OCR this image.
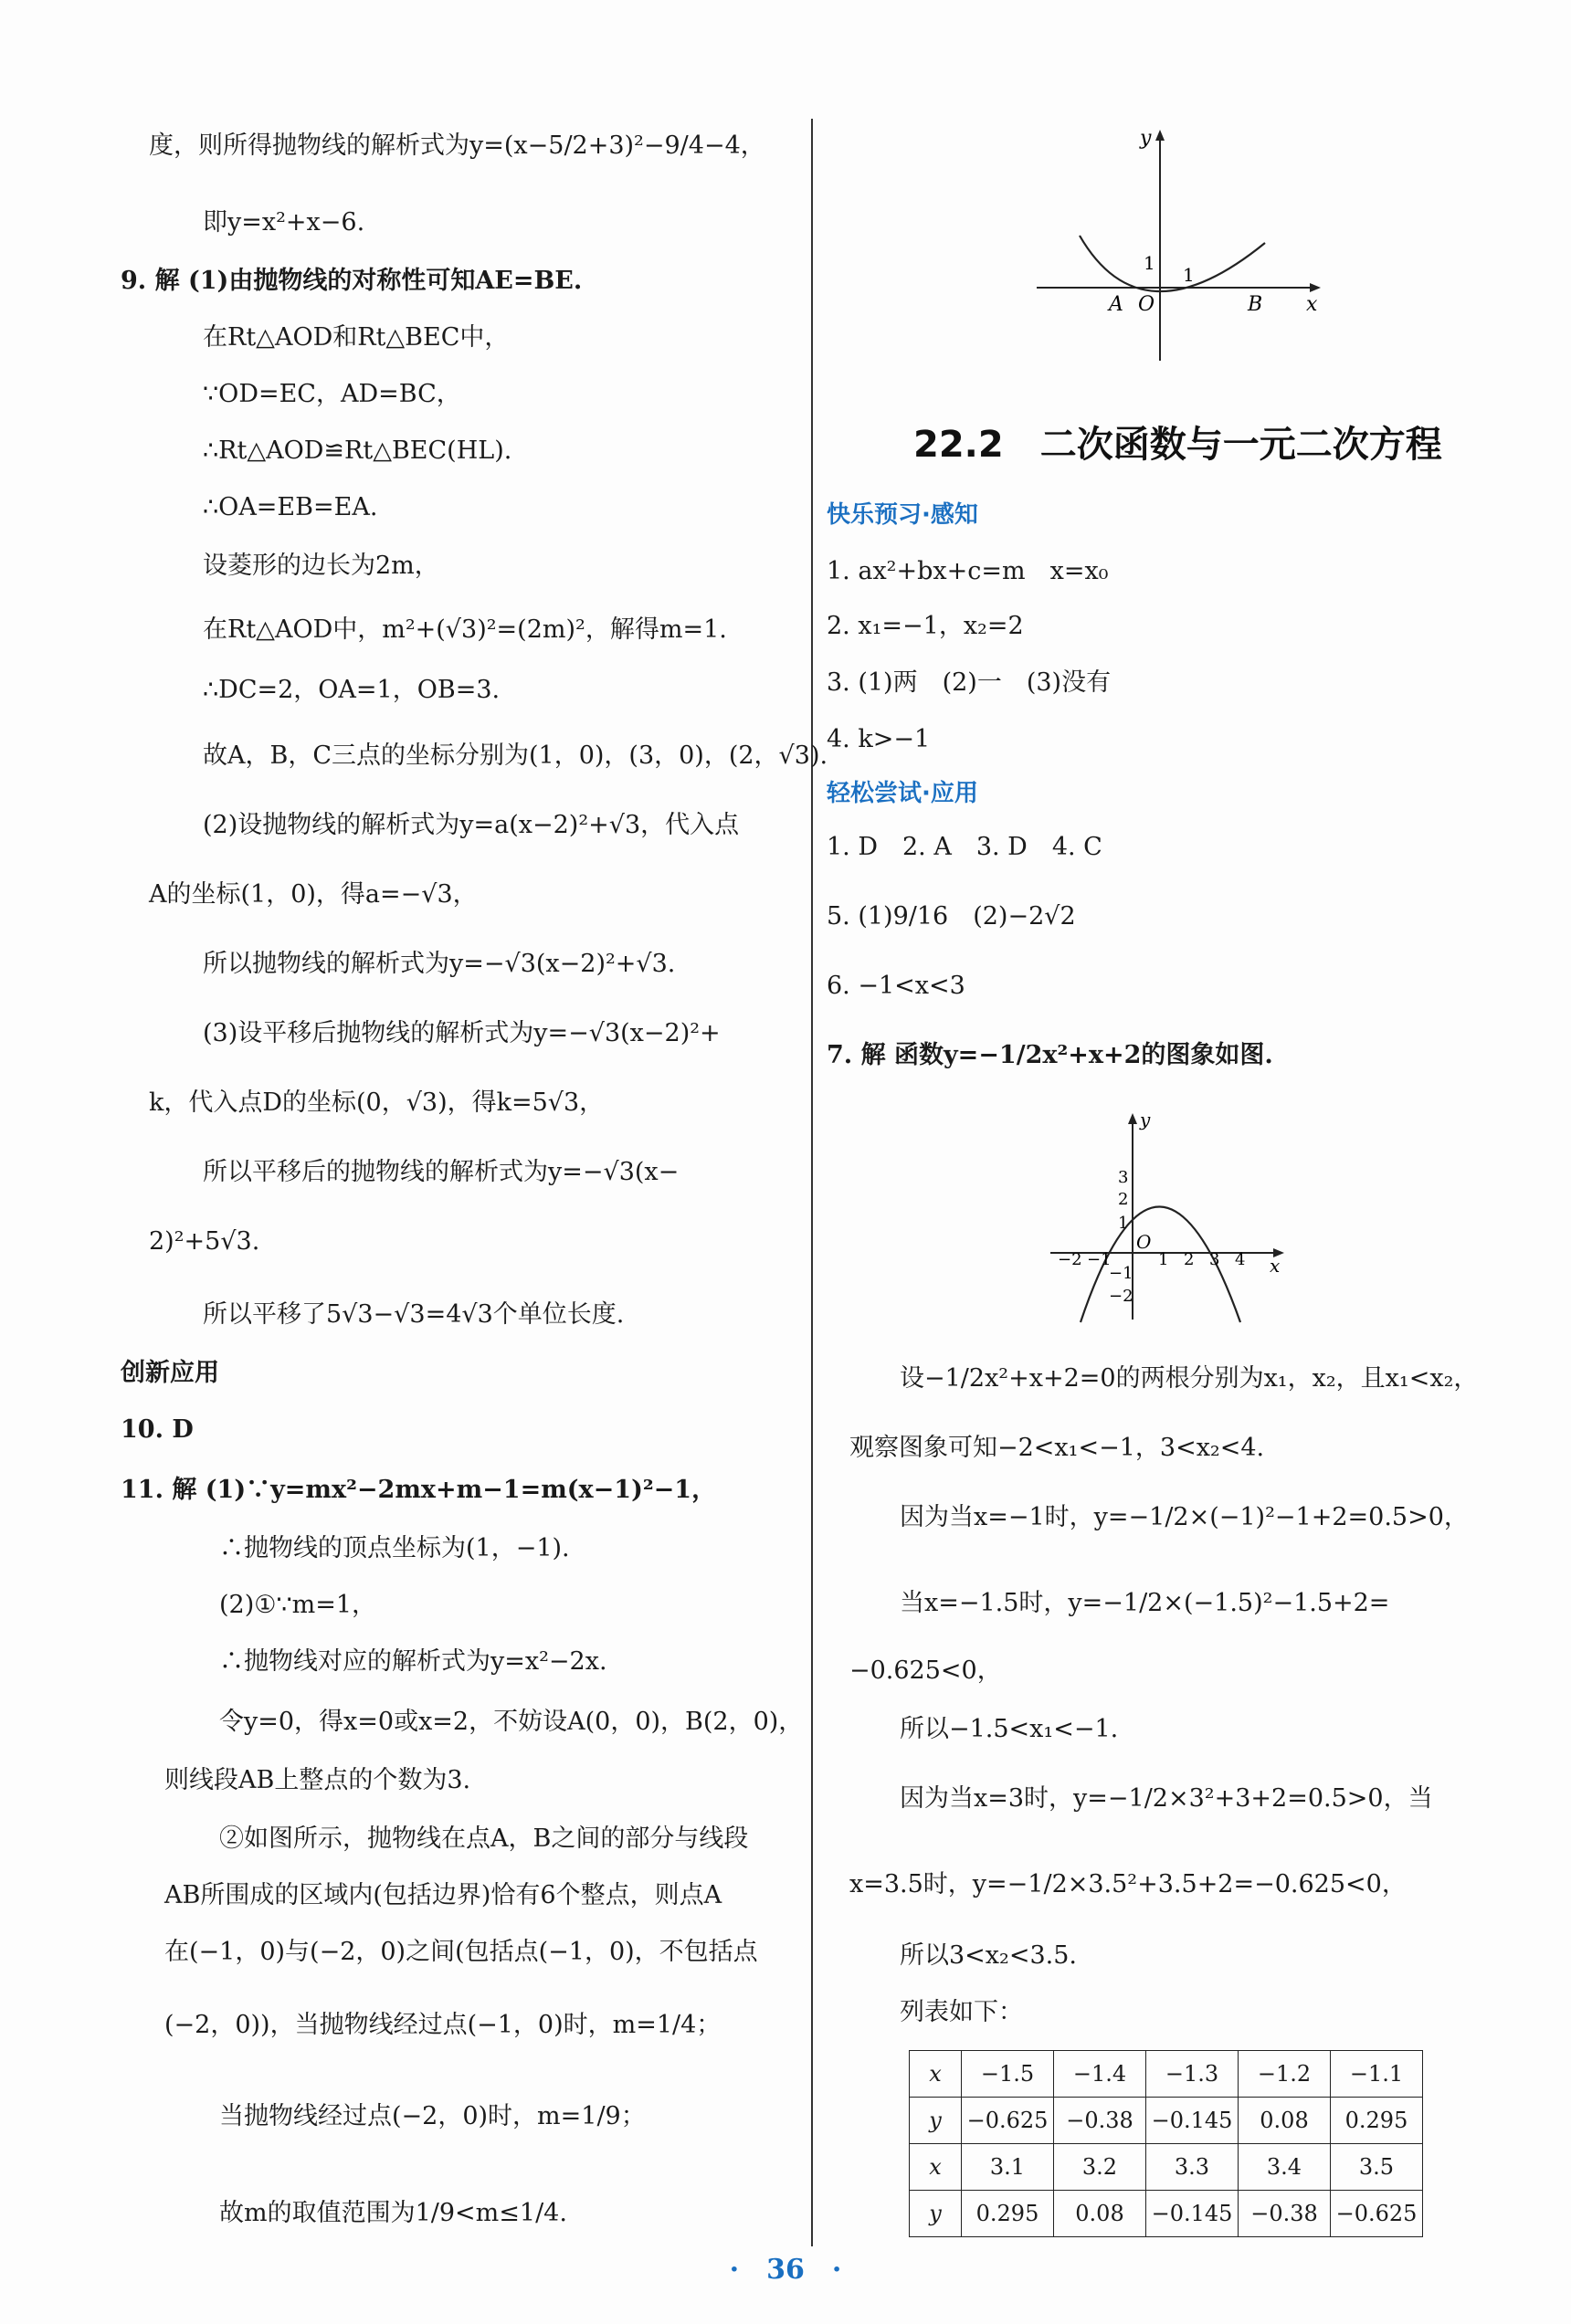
度，则所得抛物线的解析式为y=(x−5/2+3)²−9/4−4，
即y=x²+x−6.
9. 解 (1)由抛物线的对称性可知AE=BE.
在Rt△AOD和Rt△BEC中，
∵OD=EC，AD=BC，
∴Rt△AOD≌Rt△BEC(HL).
∴OA=EB=EA.
设菱形的边长为2m，
在Rt△AOD中，m²+(√3)²=(2m)²，解得m=1.
∴DC=2，OA=1，OB=3.
故A，B，C三点的坐标分别为(1，0)，(3，0)，(2，√3).
(2)设抛物线的解析式为y=a(x−2)²+√3，代入点
A的坐标(1，0)，得a=−√3，
所以抛物线的解析式为y=−√3(x−2)²+√3.
(3)设平移后抛物线的解析式为y=−√3(x−2)²+
k，代入点D的坐标(0，√3)，得k=5√3，
所以平移后的抛物线的解析式为y=−√3(x−
2)²+5√3.
所以平移了5√3−√3=4√3个单位长度.
创新应用
10. D
11. 解 (1)∵y=mx²−2mx+m−1=m(x−1)²−1，
∴抛物线的顶点坐标为(1，−1).
(2)①∵m=1，
∴抛物线对应的解析式为y=x²−2x.
令y=0，得x=0或x=2，不妨设A(0，0)，B(2，0)，
则线段AB上整点的个数为3.
②如图所示，抛物线在点A，B之间的部分与线段
AB所围成的区域内(包括边界)恰有6个整点，则点A
在(−1，0)与(−2，0)之间(包括点(−1，0)，不包括点
(−2，0))，当抛物线经过点(−1，0)时，m=1/4；
当抛物线经过点(−2，0)时，m=1/9；
故m的取值范围为1/9<m≤1/4.
y
x
1
1
A O	B
22.2　二次函数与一元二次方程
快乐预习·感知
1. ax²+bx+c=m　x=x₀
2. x₁=−1，x₂=2
3. (1)两　(2)一　(3)没有
4. k>−1
轻松尝试·应用
1. D　2. A　3. D　4. C
5. (1)9/16　(2)−2√2
6. −1<x<3
7. 解 函数y=−1/2x²+x+2的图象如图.
y
x
O
3
2
1
−1
−2
−2 −1	1 2 3 4
设−1/2x²+x+2=0的两根分别为x₁，x₂，且x₁<x₂，
观察图象可知−2<x₁<−1，3<x₂<4.
因为当x=−1时，y=−1/2×(−1)²−1+2=0.5>0，
当x=−1.5时，y=−1/2×(−1.5)²−1.5+2=
−0.625<0，
所以−1.5<x₁<−1.
因为当x=3时，y=−1/2×3²+3+2=0.5>0，当
x=3.5时，y=−1/2×3.5²+3.5+2=−0.625<0，
所以3<x₂<3.5.
列表如下：
x	−1.5	−1.4	−1.3	−1.2	−1.1
y	−0.625	−0.38	−0.145	0.08	0.295
x	3.1	3.2	3.3	3.4	3.5
y	0.295	0.08	−0.145	−0.38	−0.625
·　36　·
